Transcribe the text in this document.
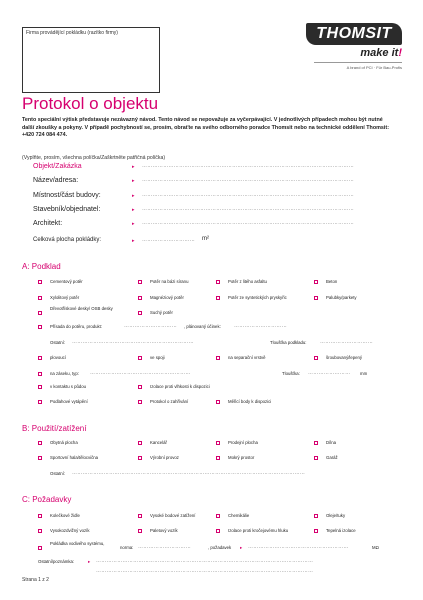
Firma provádějící pokládku (razítko firmy)	THOMSIT
make it!
A brand of PCI · Für Bau-Profis
Protokol o objektu

Tento speciální výtisk představuje nezávazný návod. Tento návod se nepovažuje za vyčerpávající. V jednotlivých případech mohou být nutné další zkoušky a pokyny. V případě pochybností se, prosím, obraťte na svého odborného poradce Thomsit nebo na technické oddělení Thomsit: +420 724 084 474.

(Vyplňte, prosím, všechna políčka/Zaškrtněte patřičná políčka)

Objekt/Zakázka	▸ …………………………………………………………………………………………………………
Název/adresa:	▸ …………………………………………………………………………………………………………
Místnost/část budovy:	▸ …………………………………………………………………………………………………………
Stavebník/objednatel:	▸ …………………………………………………………………………………………………………
Architekt:	▸ …………………………………………………………………………………………………………
Celková plocha pokládky:	▸ …………………………	m²
A: Podklad
Cementový potěr	Potěr na bázi síranu	Potěr z litého asfaltu	Beton
Xylolitový potěr	Magnéziový potěr	Potěr ze syntetických pryskyřic	Palubky/parkety
Dřevotřískové desky/ OSB desky
Suchý potěr
Přísada do potěru, produkt:	…………………………	, plánovaný účinek:	…………………………
Ostatní: ……………………………………………………………	Tloušťka podkladu:	…………………………
plovoucí	ve spoji	na separační vrstvě	šroubovaný/lepený
na záseku, typ: …………………………………………………	Tloušťka: ……………………	mm
v kontaktu s půdou	Izolace proti vlhkosti k dispozici
Podlahové vytápění	Protokol o zahřívání	Měřicí body k dispozici
B: Použití/zatížení
Obytná plocha	Kancelář	Prodejní plocha	Dílna
Sportovní hala/tělocvična	Výrobní provoz	Mokrý prostor	Garáž
Ostatní: ……………………………………………………………………………………………………………………
C: Požadavky
Kolečkové židle	Vysoké bodové zatížení	Chemikálie	Oleje/tuky
Vysokozdvižný vozík	Paletový vozík	Izolace proti kročejovému hluku	Tepelná izolace
Pokládka vodivého systému,
norma: …………………………	, požadavek ▸ …………………………………………………	MΩ
Ostatní/poznámka:	▸ ……………………………………………………………………………………………………………
……………………………………………………………………………………………………………
Strana 1 z 2
